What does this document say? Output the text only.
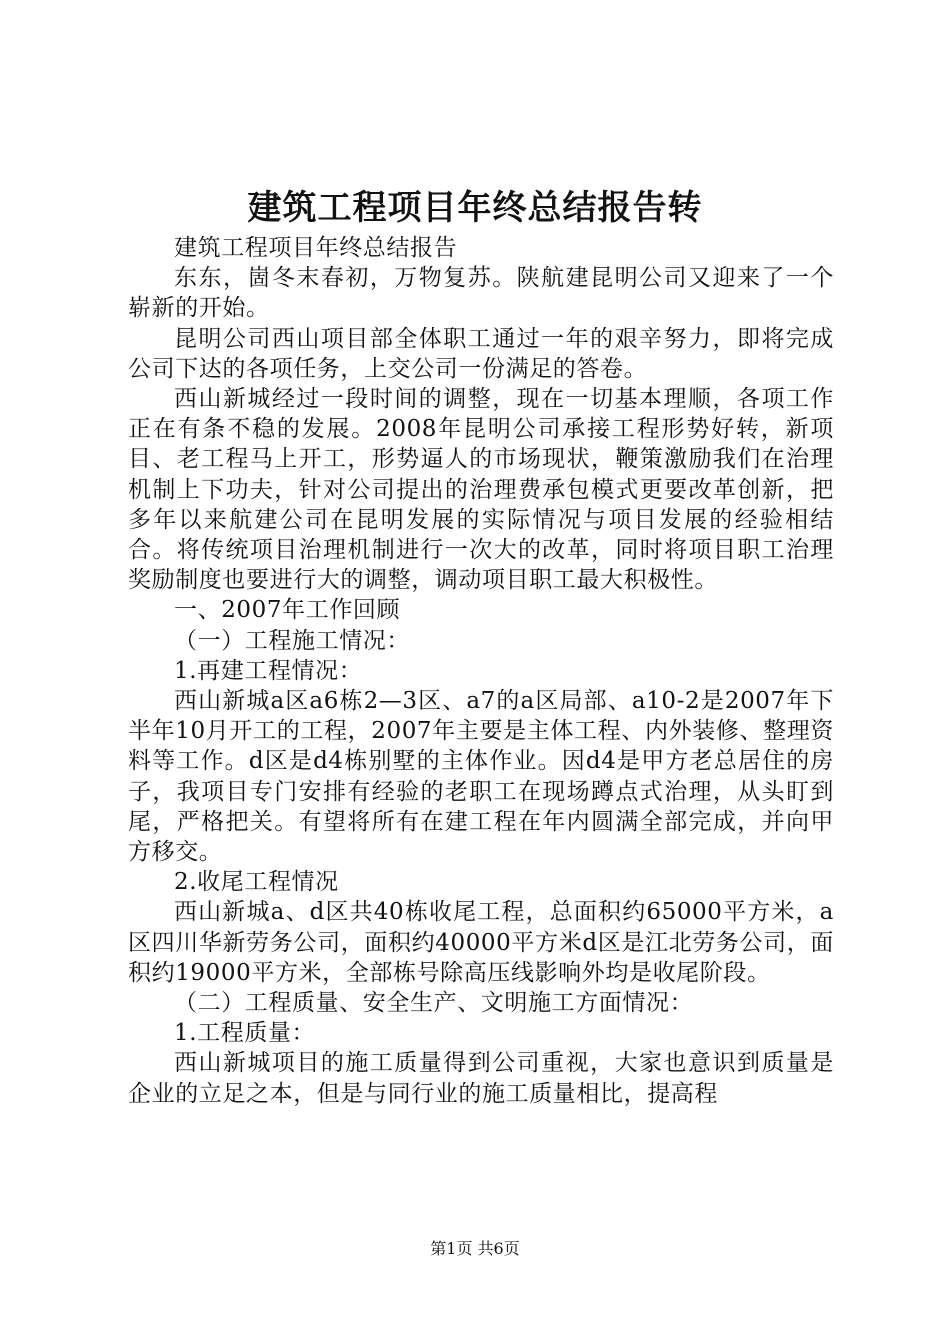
建筑工程项目年终总结报告转

建筑工程项目年终总结报告

东东，崮冬末春初，万物复苏。陕航建昆明公司又迎来了一个崭新的开始。

昆明公司西山项目部全体职工通过一年的艰辛努力，即将完成公司下达的各项任务，上交公司一份满足的答卷。

西山新城经过一段时间的调整，现在一切基本理顺，各项工作正在有条不稳的发展。2008年昆明公司承接工程形势好转，新项目、老工程马上开工，形势逼人的市场现状，鞭策激励我们在治理机制上下功夫，针对公司提出的治理费承包模式更要改革创新，把多年以来航建公司在昆明发展的实际情况与项目发展的经验相结合。将传统项目治理机制进行一次大的改革，同时将项目职工治理奖励制度也要进行大的调整，调动项目职工最大积极性。

一、2007年工作回顾

（一）工程施工情况：

1.再建工程情况：

西山新城a区a6栋2—3区、a7的a区局部、a10-2是2007年下半年10月开工的工程，2007年主要是主体工程、内外装修、整理资料等工作。d区是d4栋别墅的主体作业。因d4是甲方老总居住的房子，我项目专门安排有经验的老职工在现场蹲点式治理，从头盯到尾，严格把关。有望将所有在建工程在年内圆满全部完成，并向甲方移交。

2.收尾工程情况

西山新城a、d区共40栋收尾工程，总面积约65000平方米，a区四川华新劳务公司，面积约40000平方米d区是江北劳务公司，面积约19000平方米，全部栋号除高压线影响外均是收尾阶段。

（二）工程质量、安全生产、文明施工方面情况：

1.工程质量：

西山新城项目的施工质量得到公司重视，大家也意识到质量是企业的立足之本，但是与同行业的施工质量相比，提高程

第1页 共6页
